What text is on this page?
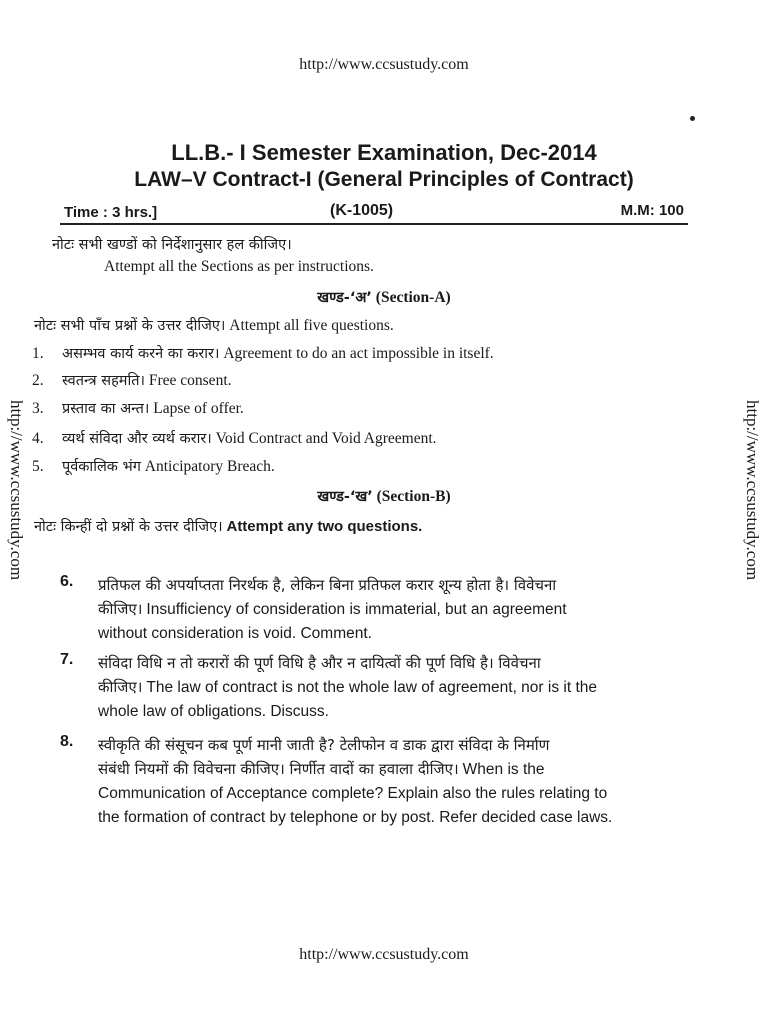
http://www.ccsustudy.com
http://www.ccsustudy.com	http://www.ccsustudy.com
LL.B.- I Semester Examination, Dec-2014
LAW–V Contract-I (General Principles of Contract)
Time : 3 hrs.]	(K-1005)	M.M: 100
नोटः सभी खण्डों को निर्देशानुसार हल कीजिए।
Attempt all the Sections as per instructions.
खण्ड-‘अ’ (Section-A)
नोटः सभी पाँच प्रश्नों के उत्तर दीजिए। Attempt all five questions.
1. असम्भव कार्य करने का करार। Agreement to do an act impossible in itself.
2. स्वतन्त्र सहमति। Free consent.
3. प्रस्ताव का अन्त। Lapse of offer.
4. व्यर्थ संविदा और व्यर्थ करार। Void Contract and Void Agreement.
5. पूर्वकालिक भंग Anticipatory Breach.
खण्ड-‘ख’ (Section-B)
नोटः किन्हीं दो प्रश्नों के उत्तर दीजिए। Attempt any two questions.
6. प्रतिफल की अपर्याप्तता निरर्थक है, लेकिन बिना प्रतिफल करार शून्य होता है। विवेचना
कीजिए। Insufficiency of consideration is immaterial, but an agreement
without consideration is void. Comment.
7. संविदा विधि न तो करारों की पूर्ण विधि है और न दायित्वों की पूर्ण विधि है। विवेचना
कीजिए। The law of contract is not the whole law of agreement, nor is it the
whole law of obligations. Discuss.
8. स्वीकृति की संसूचन कब पूर्ण मानी जाती है? टेलीफोन व डाक द्वारा संविदा के निर्माण
संबंधी नियमों की विवेचना कीजिए। निर्णीत वादों का हवाला दीजिए। When is the
Communication of Acceptance complete? Explain also the rules relating to
the formation of contract by telephone or by post. Refer decided case laws.
http://www.ccsustudy.com
